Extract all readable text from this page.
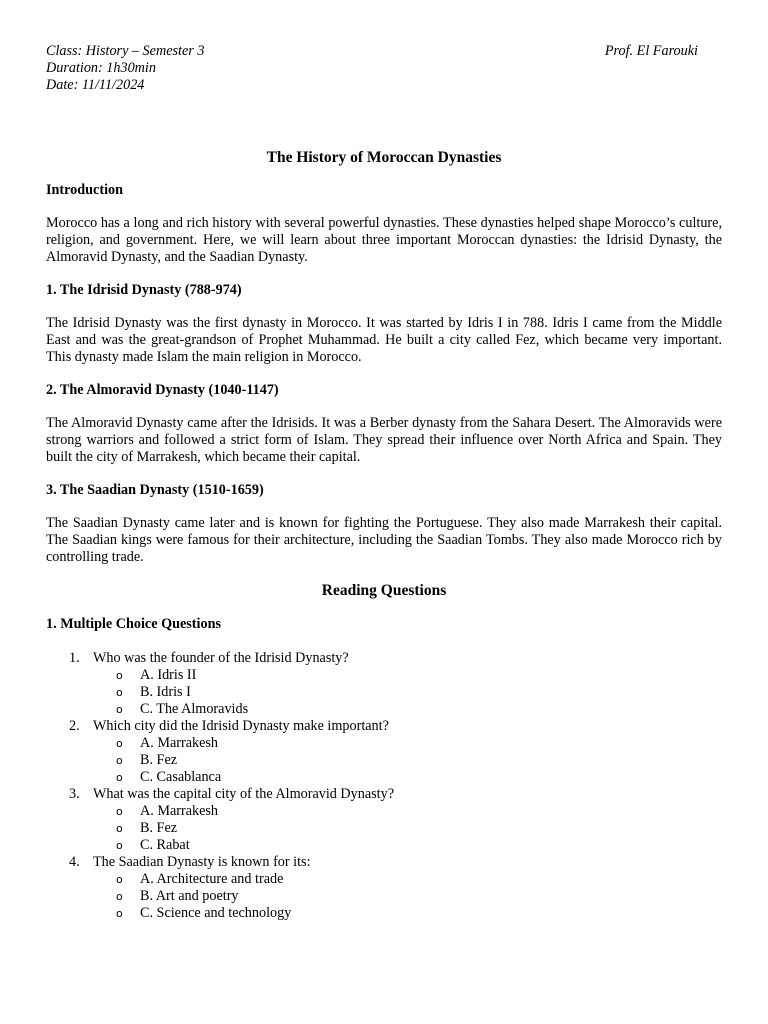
Class: History – Semester 3
Duration: 1h30min
Date: 11/11/2024
Prof. El Farouki
The History of Moroccan Dynasties
Introduction
Morocco has a long and rich history with several powerful dynasties. These dynasties helped shape Morocco’s culture, religion, and government. Here, we will learn about three important Moroccan dynasties: the Idrisid Dynasty, the Almoravid Dynasty, and the Saadian Dynasty.
1. The Idrisid Dynasty (788-974)
The Idrisid Dynasty was the first dynasty in Morocco. It was started by Idris I in 788. Idris I came from the Middle East and was the great-grandson of Prophet Muhammad. He built a city called Fez, which became very important. This dynasty made Islam the main religion in Morocco.
2. The Almoravid Dynasty (1040-1147)
The Almoravid Dynasty came after the Idrisids. It was a Berber dynasty from the Sahara Desert. The Almoravids were strong warriors and followed a strict form of Islam. They spread their influence over North Africa and Spain. They built the city of Marrakesh, which became their capital.
3. The Saadian Dynasty (1510-1659)
The Saadian Dynasty came later and is known for fighting the Portuguese. They also made Marrakesh their capital. The Saadian kings were famous for their architecture, including the Saadian Tombs. They also made Morocco rich by controlling trade.
Reading Questions
1. Multiple Choice Questions
1. Who was the founder of the Idrisid Dynasty?
o A. Idris II
o B. Idris I
o C. The Almoravids
2. Which city did the Idrisid Dynasty make important?
o A. Marrakesh
o B. Fez
o C. Casablanca
3. What was the capital city of the Almoravid Dynasty?
o A. Marrakesh
o B. Fez
o C. Rabat
4. The Saadian Dynasty is known for its:
o A. Architecture and trade
o B. Art and poetry
o C. Science and technology
